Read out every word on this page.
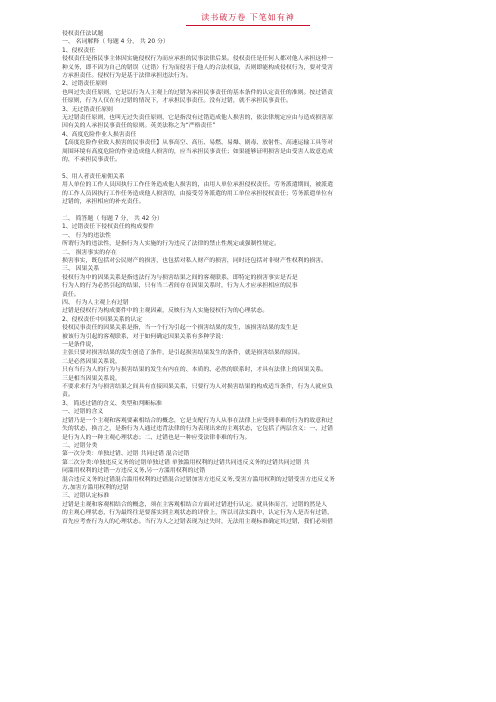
读书破万卷 下笔如有神

侵权责任法试题

一、 名词解释（ 每题 4 分， 共 20 分）

1、侵权责任

侵权责任是指民事主体因实施侵权行为而应承担的民事法律后果。侵权责任是任何人都对他人承担这样一

种义务，即不因为自己的错误（过错）行为而侵害于他人的合法权益，否则即能构成侵权行为，要对受害

方承担责任。侵权行为是基于法律承担违法行为。

2、过错责任原则

也叫过失责任原则，它是以行为人主观上的过错为承担民事责任的基本条件的认定责任的准则。按过错责

任原则，行为人仅在有过错的情况下，才承担民事责任。没有过错，就不承担民事责任。

3、无过错责任原则

无过错责任原则，也叫无过失责任原则，它是指没有过错造成他人损害的，依法律规定应由与造成损害原

因有关的人承担民事责任的原则。英美法称之为“严格责任”

4、高度危险作业人损害责任

【高度危险作业致人损害的民事责任】从事高空、高压、易燃、易爆、剧毒、放射性、高速运输工具等对

周围环境有高度危险的作业造成他人损害的，应当承担民事责任；如果能够证明损害是由受害人故意造成

的，不承担民事责任。

5、用人者责任雇佣关系

用人单位的工作人员因执行工作任务造成他人损害的，由用人单位承担侵权责任。劳务派遣期间，被派遣

的工作人员因执行工作任务造成他人损害的，由接受劳务派遣的用工单位承担侵权责任；劳务派遣单位有

过错的，承担相应的补充责任。

二、 简答题（ 每题 7 分， 共 42 分）

1、过错责任下侵权责任的构成要件

一、 行为的违法性

所谓行为的违法性，是指行为人实施的行为违反了法律的禁止性规定或强制性规定。

二、 损害事实的存在

损害事实，既包括对公民财产的损害，也包括对私人财产的损害，同时还包括对非财产性权利的损害。

三、 因果关系

侵权行为中的因果关系是指违法行为与损害结果之间的客观联系，即特定的损害事实是否是

行为人的行为必然引起的结果，只有当二者间存在因果关系时，行为人才应承担相应的民事

责任。

四、 行为人主观上有过错

过错是侵权行为构成要件中的主观因素，反映行为人实施侵权行为的心理状态。

2、侵权责任中因果关系的认定

侵权民事责任的因果关系是指，当一个行为引起一个损害结果的发生，该损害结果的发生是

被该行为引起的客观联系，对于如何确定因果关系有多种学说：

一是条件说，

主张只要对损害结果的发生创造了条件，是引起损害结果发生的条件，就是损害结果的原因。

二是必然因果关系说，

只有当行为人的行为与损害结果的发生有内在的、本质的、必然的联系时，才具有法律上的因果关系。

三是相当因果关系说，

不要求求行为与损害结果之间具有直接因果关系，只要行为人对损害结果的构成适当条件，行为人就应负

责。

3、 简述过错的含义、类型和判断标准

一、过错的含义

过错乃是一个主观和客观要素相结合的概念，它是支配行为人从事在法律上应受到非难的行为的故意和过

失的状态，换言之，是指行为人通过违背法律的行为表现出来的主观状态，它包括了两层含义：一、过错

是行为人的一种主观心理状态；二、过错也是一种应受法律非难的行为。

二、过错分类

第一次分类：单独过错、过错 共同过错 混合过错

第二次分类:单独违反义务的过错单独过错 单独滥用权利的过错共同违反义务的过错共同过错 共

同滥用权利的过错一方违反义务,另一方滥用权利的过错

混合违反义务的过错混合滥用权利的过错混合过错加害方违反义务,受害方滥用权利的过错受害方违反义务

方,加害方滥用权利的过错

三、过错认定标准

过错是主观和客观相结合的概念，须在主客观相结合方面对过错进行认定。就具体而言，过错的然是人

的主观心理状态，行为最终往是要落实到主观状态的评价上，所以司法实践中，认定行为人是否有过错，

首先应考查行为人的心理状态。当行为人之过错表现为过失时，无法用主观标准确定其过错，我们必须借
